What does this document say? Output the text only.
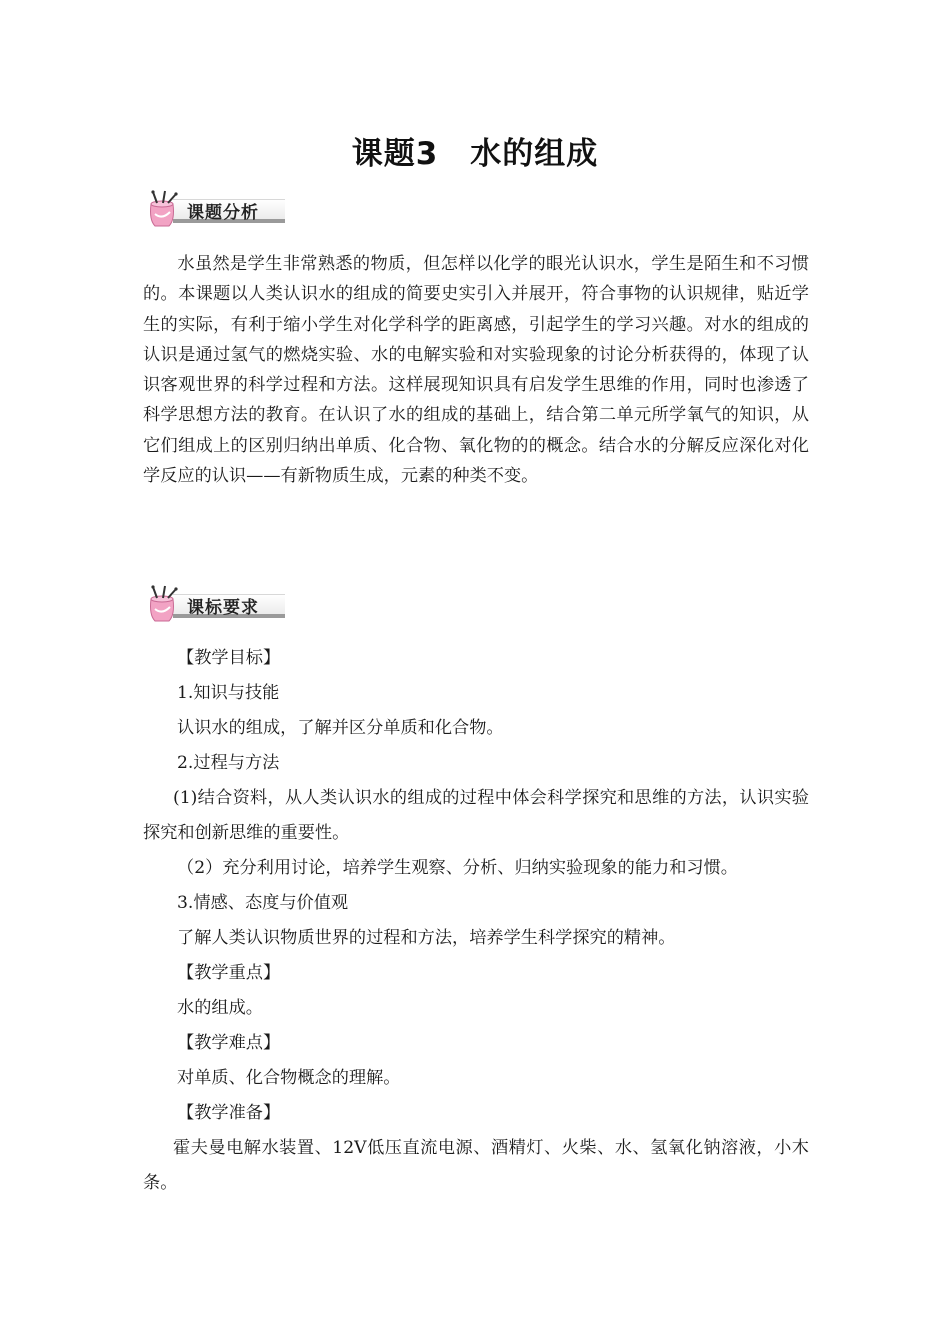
课题3　水的组成
课题分析
水虽然是学生非常熟悉的物质，但怎样以化学的眼光认识水，学生是陌生和不习惯的。本课题以人类认识水的组成的简要史实引入并展开，符合事物的认识规律，贴近学生的实际，有利于缩小学生对化学科学的距离感，引起学生的学习兴趣。对水的组成的认识是通过氢气的燃烧实验、水的电解实验和对实验现象的讨论分析获得的，体现了认识客观世界的科学过程和方法。这样展现知识具有启发学生思维的作用，同时也渗透了科学思想方法的教育。在认识了水的组成的基础上，结合第二单元所学氧气的知识，从它们组成上的区别归纳出单质、化合物、氧化物的的概念。结合水的分解反应深化对化学反应的认识——有新物质生成，元素的种类不变。
课标要求
【教学目标】
1.知识与技能
认识水的组成，了解并区分单质和化合物。
2.过程与方法
(1)结合资料，从人类认识水的组成的过程中体会科学探究和思维的方法，认识实验探究和创新思维的重要性。
（2）充分利用讨论，培养学生观察、分析、归纳实验现象的能力和习惯。
3.情感、态度与价值观
了解人类认识物质世界的过程和方法，培养学生科学探究的精神。
【教学重点】
水的组成。
【教学难点】
对单质、化合物概念的理解。
【教学准备】
霍夫曼电解水装置、12V低压直流电源、酒精灯、火柴、水、氢氧化钠溶液，小木条。
